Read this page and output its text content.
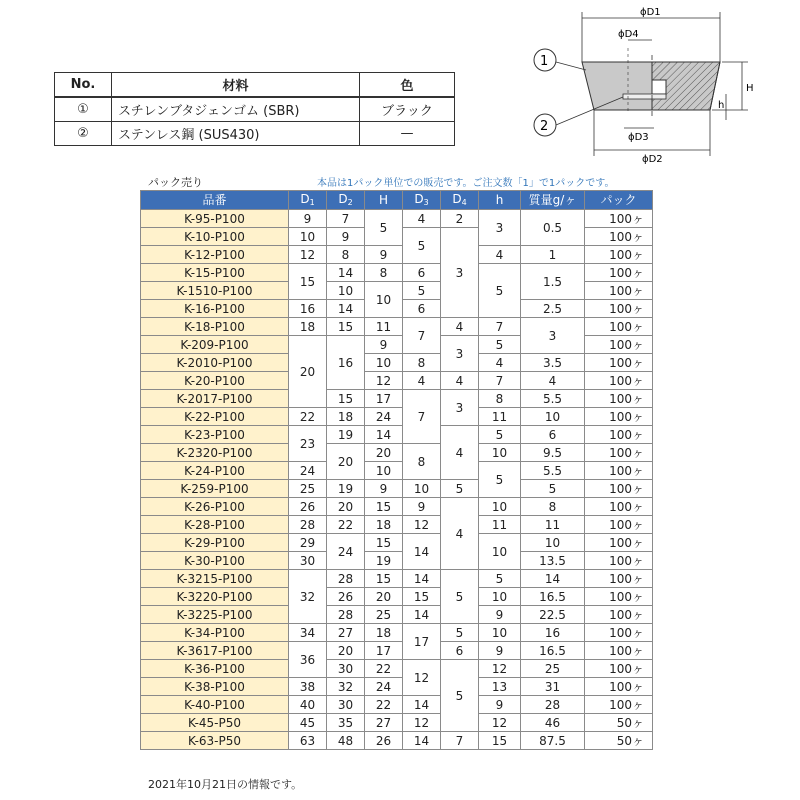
No.	材料	色
①	スチレンブタジェンゴム (SBR)	ブラック
②	ステンレス鋼 (SUS430)	—
1
2
ϕD1
ϕD4
ϕD3
ϕD2
H
h
パック売り	本品は1パック単位での販売です。ご注文数「1」で1パックです。
品番	$D_1$	$D_2$	H	$D_3$	$D_4$	h	質量g/ヶ	パック
K-95-P100	9	7	5	4	2	3	0.5	100ヶ
K-10-P100	10	9		5	3			100ヶ
K-12-P100	12	8	9			4	1	100ヶ
K-15-P100	15	14	8	6		5	1.5	100ヶ
K-1510-P100		10	10	5				100ヶ
K-16-P100	16	14		6			2.5	100ヶ
K-18-P100	18	15	11	7	4	7	3	100ヶ
K-209-P100	20	16	9		3	5		100ヶ
K-2010-P100			10	8		4	3.5	100ヶ
K-20-P100			12	4	4	7	4	100ヶ
K-2017-P100		15	17	7	3	8	5.5	100ヶ
K-22-P100	22	18	24			11	10	100ヶ
K-23-P100	23	19	14		4	5	6	100ヶ
K-2320-P100		20	20	8		10	9.5	100ヶ
K-24-P100	24		10			5	5.5	100ヶ
K-259-P100	25	19	9	10	5		5	100ヶ
K-26-P100	26	20	15	9	4	10	8	100ヶ
K-28-P100	28	22	18	12		11	11	100ヶ
K-29-P100	29	24	15	14		10	10	100ヶ
K-30-P100	30		19				13.5	100ヶ
K-3215-P100	32	28	15	14	5	5	14	100ヶ
K-3220-P100		26	20	15		10	16.5	100ヶ
K-3225-P100		28	25	14		9	22.5	100ヶ
K-34-P100	34	27	18	17	5	10	16	100ヶ
K-3617-P100	36	20	17		6	9	16.5	100ヶ
K-36-P100		30	22	12	5	12	25	100ヶ
K-38-P100	38	32	24			13	31	100ヶ
K-40-P100	40	30	22	14		9	28	100ヶ
K-45-P50	45	35	27	12		12	46	50ヶ
K-63-P50	63	48	26	14	7	15	87.5	50ヶ
2021年10月21日の情報です。
